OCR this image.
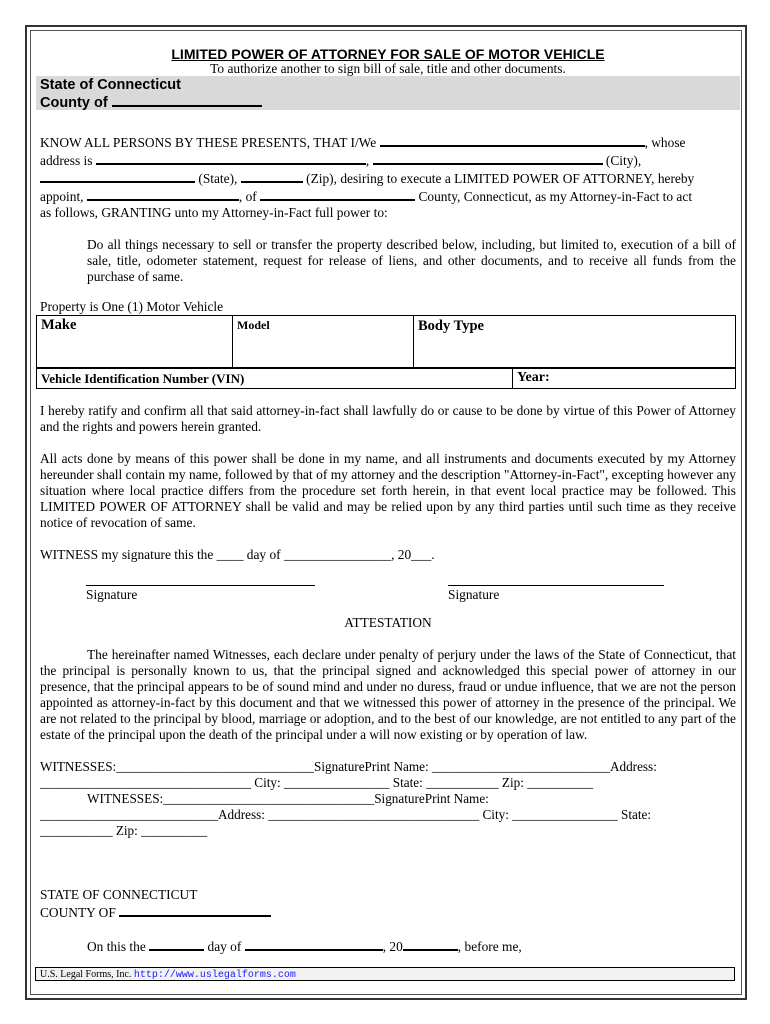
LIMITED POWER OF ATTORNEY FOR SALE OF MOTOR VEHICLE

To authorize another to sign bill of sale, title and other documents.

State of Connecticut
County of

KNOW ALL PERSONS BY THESE PRESENTS, THAT I/We	, whose

address is	,	(City),

(State),	(Zip), desiring to execute a LIMITED POWER OF ATTORNEY, hereby

appoint,	, of	County, Connecticut, as my Attorney-in-Fact to act

as follows, GRANTING unto my Attorney-in-Fact full power to:

Do all things necessary to sell or transfer the property described below, including, but limited to, execution of a bill of sale, title, odometer statement, request for release of liens, and other documents, and to receive all funds from the purchase of same.

Property is One (1) Motor Vehicle

Make	Model	Body Type
Vehicle Identification Number (VIN)	Year:

I hereby ratify and confirm all that said attorney-in-fact shall lawfully do or cause to be done by virtue of this Power of Attorney and the rights and powers herein granted.

All acts done by means of this power shall be done in my name, and all instruments and documents executed by my Attorney hereunder shall contain my name, followed by that of my attorney and the description "Attorney-in-Fact", excepting however any situation where local practice differs from the procedure set forth herein, in that event local practice may be followed. This LIMITED POWER OF ATTORNEY shall be valid and may be relied upon by any third parties until such time as they receive notice of revocation of same.

WITNESS my signature this the ____ day of ________________, 20___.

Signature	Signature

ATTESTATION

The hereinafter named Witnesses, each declare under penalty of perjury under the laws of the State of Connecticut, that the principal is personally known to us, that the principal signed and acknowledged this special power of attorney in our presence, that the principal appears to be of sound mind and under no duress, fraud or undue influence, that we are not the person appointed as attorney-in-fact by this document and that we witnessed this power of attorney in the presence of the principal. We are not related to the principal by blood, marriage or adoption, and to the best of our knowledge, are not entitled to any part of the estate of the principal upon the death of the principal under a will now existing or by operation of law.

WITNESSES:______________________________SignaturePrint Name: ___________________________Address:

________________________________ City: ________________ State: ___________ Zip: __________

WITNESSES:________________________________SignaturePrint Name:

___________________________Address: ________________________________ City: ________________ State:

___________ Zip: __________

STATE OF CONNECTICUT

COUNTY OF

On this the	day of	, 20	, before me,

U.S. Legal Forms, Inc. http://www.uslegalforms.com
